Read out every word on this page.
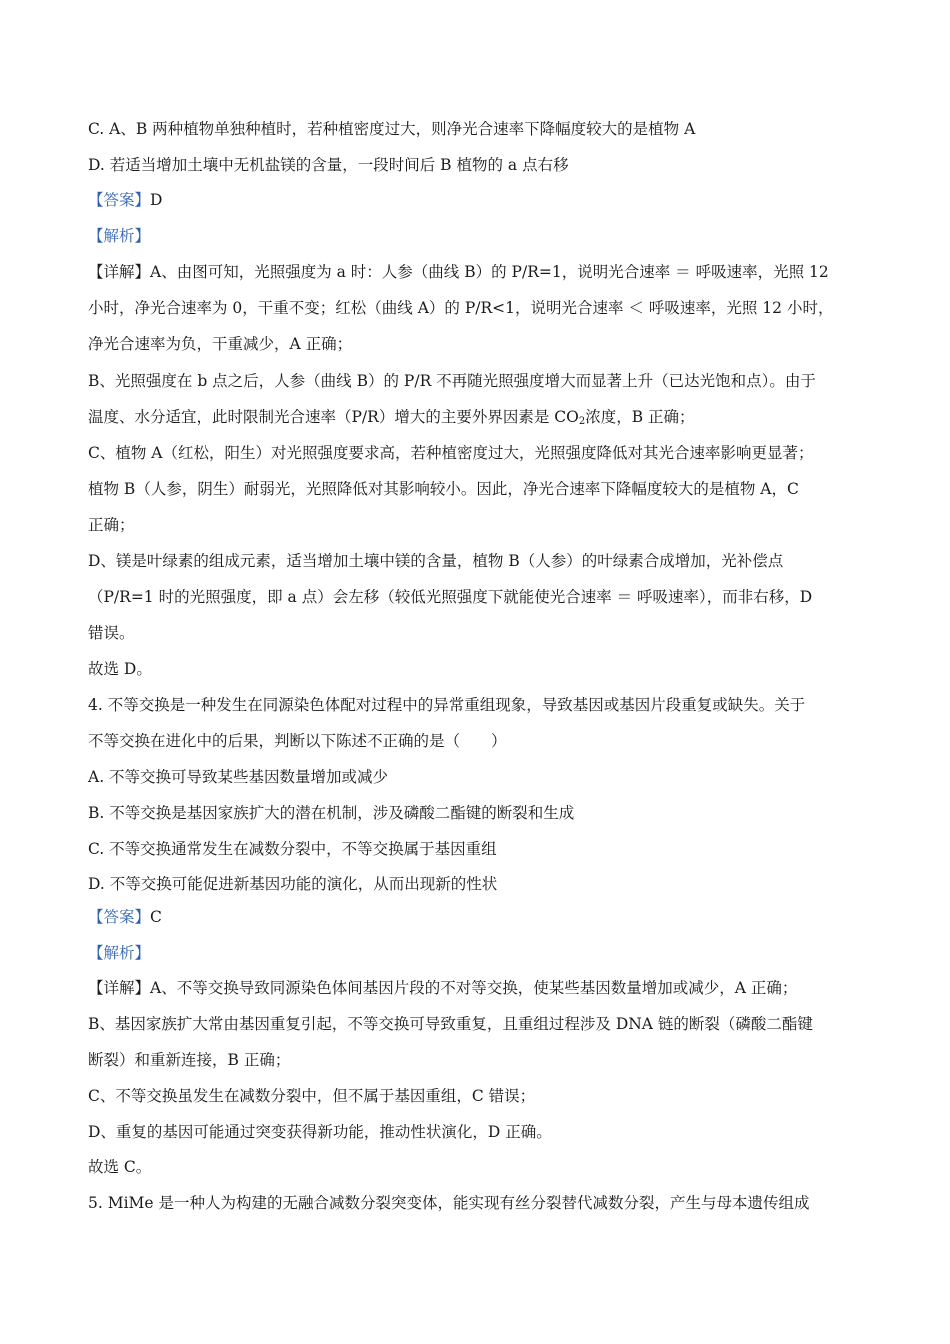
C. A、B 两种植物单独种植时，若种植密度过大，则净光合速率下降幅度较大的是植物 A
D. 若适当增加土壤中无机盐镁的含量，一段时间后 B 植物的 a 点右移
【答案】D
【解析】
【详解】A、由图可知，光照强度为 a 时：人参（曲线 B）的 P/R=1，说明光合速率 ＝ 呼吸速率，光照 12
小时，净光合速率为 0，干重不变；红松（曲线 A）的 P/R<1，说明光合速率 ＜ 呼吸速率，光照 12 小时，
净光合速率为负，干重减少，A 正确；
B、光照强度在 b 点之后，人参（曲线 B）的 P/R 不再随光照强度增大而显著上升（已达光饱和点）。由于
温度、水分适宜，此时限制光合速率（P/R）增大的主要外界因素是 $CO_2$浓度，B 正确；
C、植物 A（红松，阳生）对光照强度要求高，若种植密度过大，光照强度降低对其光合速率影响更显著；
植物 B（人参，阴生）耐弱光，光照降低对其影响较小。因此，净光合速率下降幅度较大的是植物 A，C
正确；
D、镁是叶绿素的组成元素，适当增加土壤中镁的含量，植物 B（人参）的叶绿素合成增加，光补偿点
（P/R=1 时的光照强度，即 a 点）会左移（较低光照强度下就能使光合速率 ＝ 呼吸速率），而非右移，D
错误。
故选 D。
4. 不等交换是一种发生在同源染色体配对过程中的异常重组现象，导致基因或基因片段重复或缺失。关于
不等交换在进化中的后果，判断以下陈述不正确的是（　　）
A. 不等交换可导致某些基因数量增加或减少
B. 不等交换是基因家族扩大的潜在机制，涉及磷酸二酯键的断裂和生成
C. 不等交换通常发生在减数分裂中，不等交换属于基因重组
D. 不等交换可能促进新基因功能的演化，从而出现新的性状
【答案】C
【解析】
【详解】A、不等交换导致同源染色体间基因片段的不对等交换，使某些基因数量增加或减少，A 正确；
B、基因家族扩大常由基因重复引起，不等交换可导致重复，且重组过程涉及 DNA 链的断裂（磷酸二酯键
断裂）和重新连接，B 正确；
C、不等交换虽发生在减数分裂中，但不属于基因重组，C 错误；
D、重复的基因可能通过突变获得新功能，推动性状演化，D 正确。
故选 C。
5. MiMe 是一种人为构建的无融合减数分裂突变体，能实现有丝分裂替代减数分裂，产生与母本遗传组成
